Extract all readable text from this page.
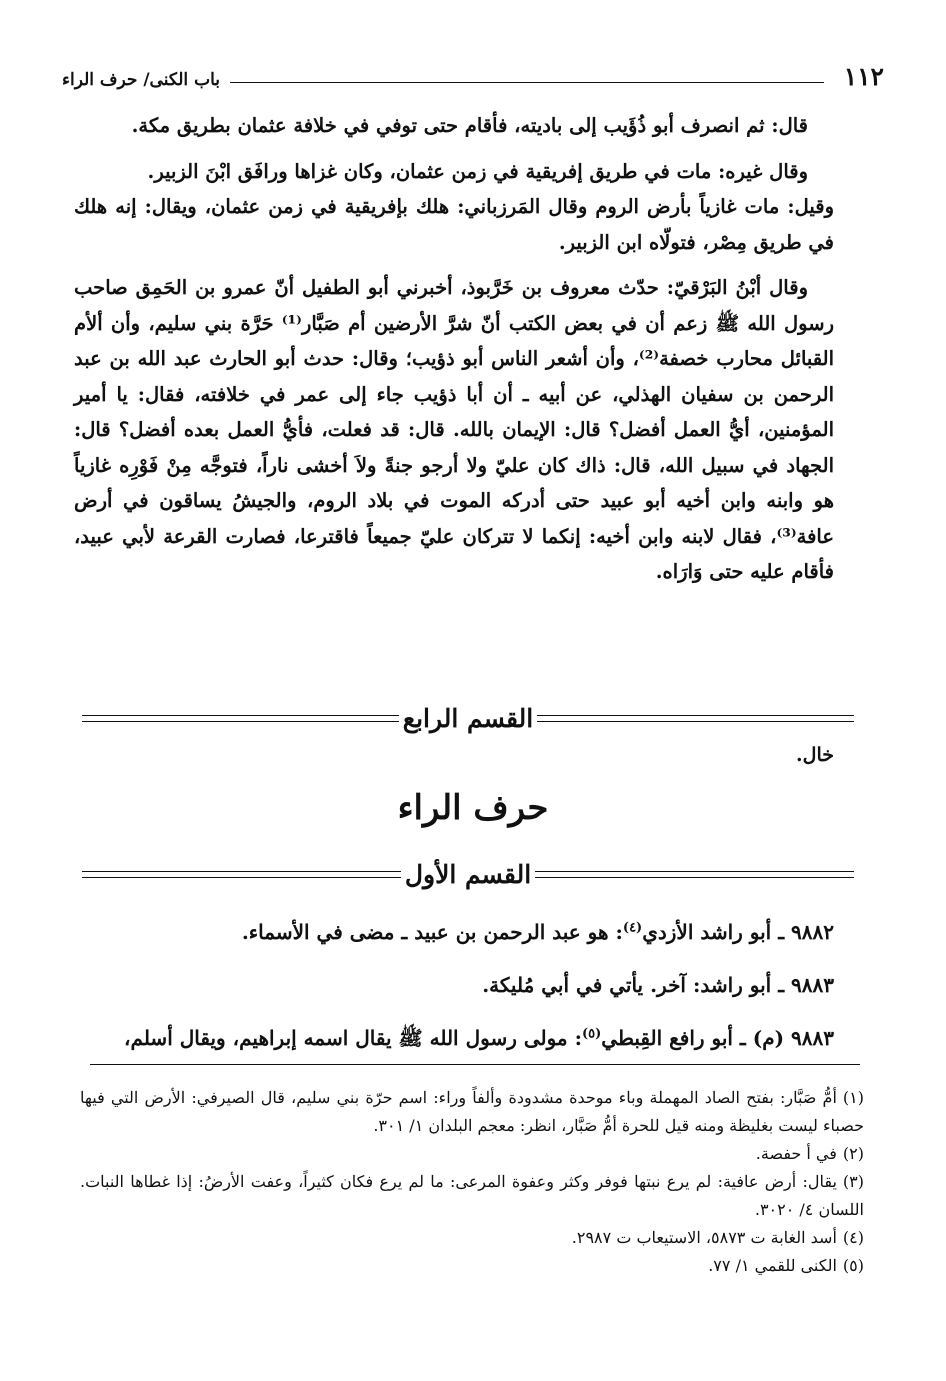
١١٢
باب الكنى/ حرف الراء

قال: ثم انصرف أبو ذُؤَيب إلى باديته، فأقام حتى توفي في خلافة عثمان بطريق مكة.

وقال غيره: مات في طريق إفريقية في زمن عثمان، وكان غزاها ورافَق ابْنَ الزبير.

وقيل: مات غازياً بأرض الروم وقال المَرزباني: هلك بإفريقية في زمن عثمان، ويقال: إنه هلك في طريق مِصْر، فتولّاه ابن الزبير.

وقال أبْنُ البَرْقيّ: حدّث معروف بن خَرَّبوذ، أخبرني أبو الطفيل أنّ عمرو بن الحَمِق صاحب رسول الله ﷺ زعم أن في بعض الكتب أنّ شرَّ الأرضين أم صَبَّار⁽¹⁾ حَرَّة بني سليم، وأن ألأم القبائل محارب خصفة⁽²⁾، وأن أشعر الناس أبو ذؤيب؛ وقال: حدث أبو الحارث عبد الله بن عبد الرحمن بن سفيان الهذلي، عن أبيه ـ أن أبا ذؤيب جاء إلى عمر في خلافته، فقال: يا أمير المؤمنين، أيُّ العمل أفضل؟ قال: الإيمان بالله. قال: قد فعلت، فأيُّ العمل بعده أفضل؟ قال: الجهاد في سبيل الله، قال: ذاك كان عليّ ولا أرجو جنةً ولاَ أخشى ناراً، فتوجَّه مِنْ فَوْرِه غازياً هو وابنه وابن أخيه أبو عبيد حتى أدركه الموت في بلاد الروم، والجيشُ يساقون في أرض عافة⁽³⁾، فقال لابنه وابن أخيه: إنكما لا تتركان عليّ جميعاً فاقترعا، فصارت القرعة لأبي عبيد، فأقام عليه حتى وَارَاه.

القسم الرابع
خال.
حرف الراء
القسم الأول

٩٨٨٢ ـ أبو راشد الأزدي$^{(٤)}$: هو عبد الرحمن بن عبيد ـ مضى في الأسماء.

٩٨٨٣ ـ أبو راشد: آخر. يأتي في أبي مُليكة.

٩٨٨٣ (م) ـ أبو رافع القِبطي$^{(٥)}$: مولى رسول الله ﷺ يقال اسمه إبراهيم، ويقال أسلم،

(١)أمُّ صَبَّار: بفتح الصاد المهملة وباء موحدة مشدودة وألفاً وراء: اسم حرّة بني سليم، قال الصيرفي: الأرض التي فيها حصباء ليست بغليظة ومنه قيل للحرة أمُّ صَبَّار، انظر: معجم البلدان ١/ ٣٠١.

(٢)في أ حفصة.

(٣)يقال: أرض عافية: لم يرع نبتها فوفر وكثر وعفوة المرعى: ما لم يرع فكان كثيراً، وعفت الأرضُ: إذا غطاها النبات. اللسان ٤/ ٣٠٢٠.

(٤)أسد الغابة ت ٥٨٧٣، الاستيعاب ت ٢٩٨٧.

(٥)الكنى للقمي ١/ ٧٧.
